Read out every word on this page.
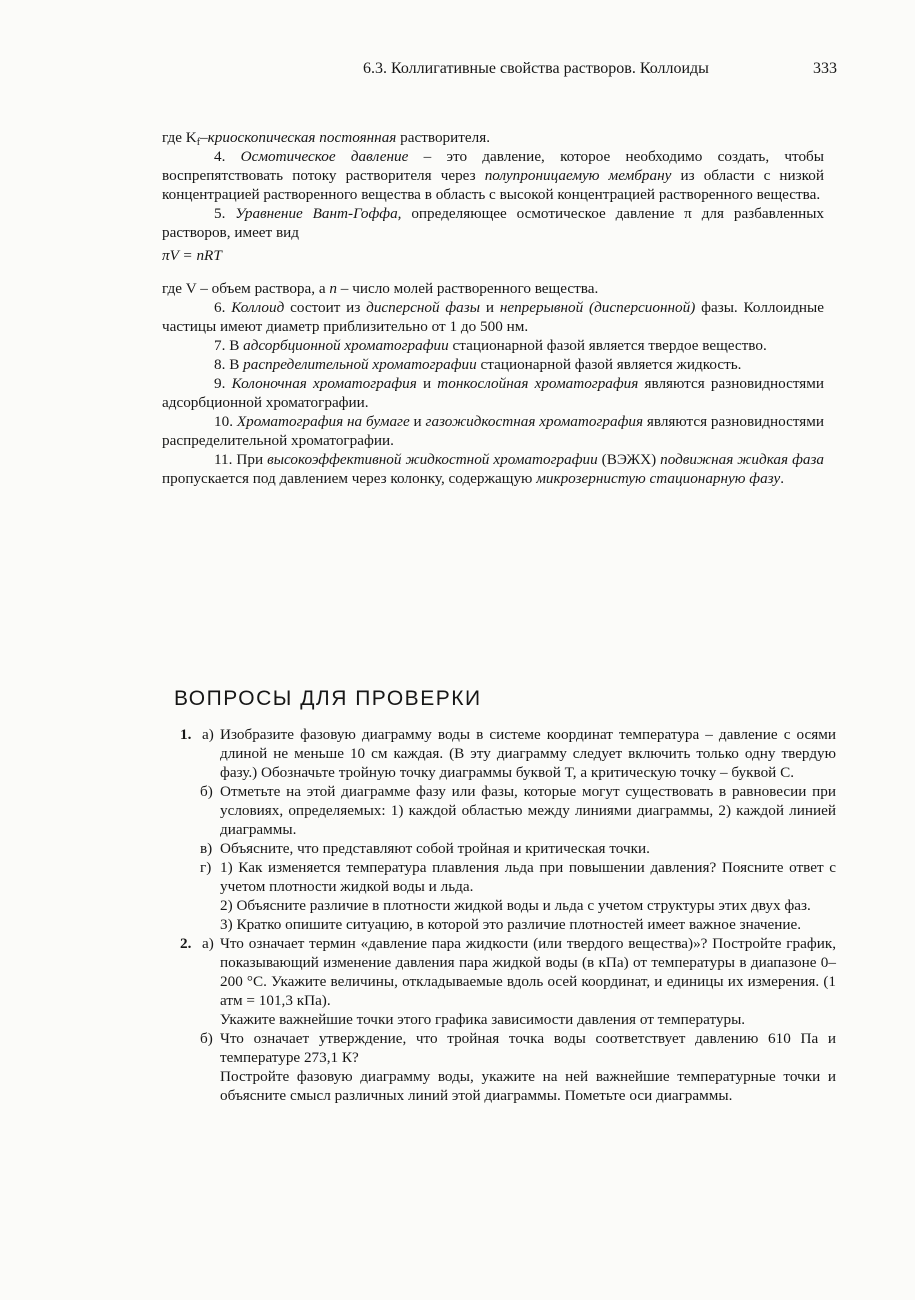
6.3. Коллигативные свойства растворов. Коллоиды	333

где $K_f$–криоскопическая постоянная растворителя.

4. Осмотическое давление – это давление, которое необходимо создать, чтобы воспрепятствовать потоку растворителя через полупроницаемую мембрану из области с низкой концентрацией растворенного вещества в область с высокой концентрацией растворенного вещества.

5. Уравнение Вант-Гоффа, определяющее осмотическое давление π для разбавленных растворов, имеет вид

πV = nRT

где V – объем раствора, а n – число молей растворенного вещества.

6. Коллоид состоит из дисперсной фазы и непрерывной (дисперсионной) фазы. Коллоидные частицы имеют диаметр приблизительно от 1 до 500 нм.

7. В адсорбционной хроматографии стационарной фазой является твердое вещество.

8. В распределительной хроматографии стационарной фазой является жидкость.

9. Колоночная хроматография и тонкослойная хроматография являются разновидностями адсорбционной хроматографии.

10. Хроматография на бумаге и газожидкостная хроматография являются разновидностями распределительной хроматографии.

11. При высокоэффективной жидкостной хроматографии (ВЭЖХ) подвижная жидкая фаза пропускается под давлением через колонку, содержащую микрозернистую стационарную фазу.

ВОПРОСЫ ДЛЯ ПРОВЕРКИ
1. а) Изобразите фазовую диаграмму воды в системе координат температура – давление с осями длиной не меньше 10 см каждая. (В эту диаграмму следует включить только одну твердую фазу.) Обозначьте тройную точку диаграммы буквой T, а критическую точку – буквой C.

б) Отметьте на этой диаграмме фазу или фазы, которые могут существовать в равновесии при условиях, определяемых: 1) каждой областью между линиями диаграммы, 2) каждой линией диаграммы.

в) Объясните, что представляют собой тройная и критическая точки.

г) 1) Как изменяется температура плавления льда при повышении давления? Поясните ответ с учетом плотности жидкой воды и льда.

2) Объясните различие в плотности жидкой воды и льда с учетом структуры этих двух фаз.

3) Кратко опишите ситуацию, в которой это различие плотностей имеет важное значение.

2. а) Что означает термин «давление пара жидкости (или твердого вещества)»? Постройте график, показывающий изменение давления пара жидкой воды (в кПа) от температуры в диапазоне 0–200 °C. Укажите величины, откладываемые вдоль осей координат, и единицы их измерения. (1 атм = 101,3 кПа).

Укажите важнейшие точки этого графика зависимости давления от температуры.

б) Что означает утверждение, что тройная точка воды соответствует давлению 610 Па и температуре 273,1 К?

Постройте фазовую диаграмму воды, укажите на ней важнейшие температурные точки и объясните смысл различных линий этой диаграммы. Пометьте оси диаграммы.
